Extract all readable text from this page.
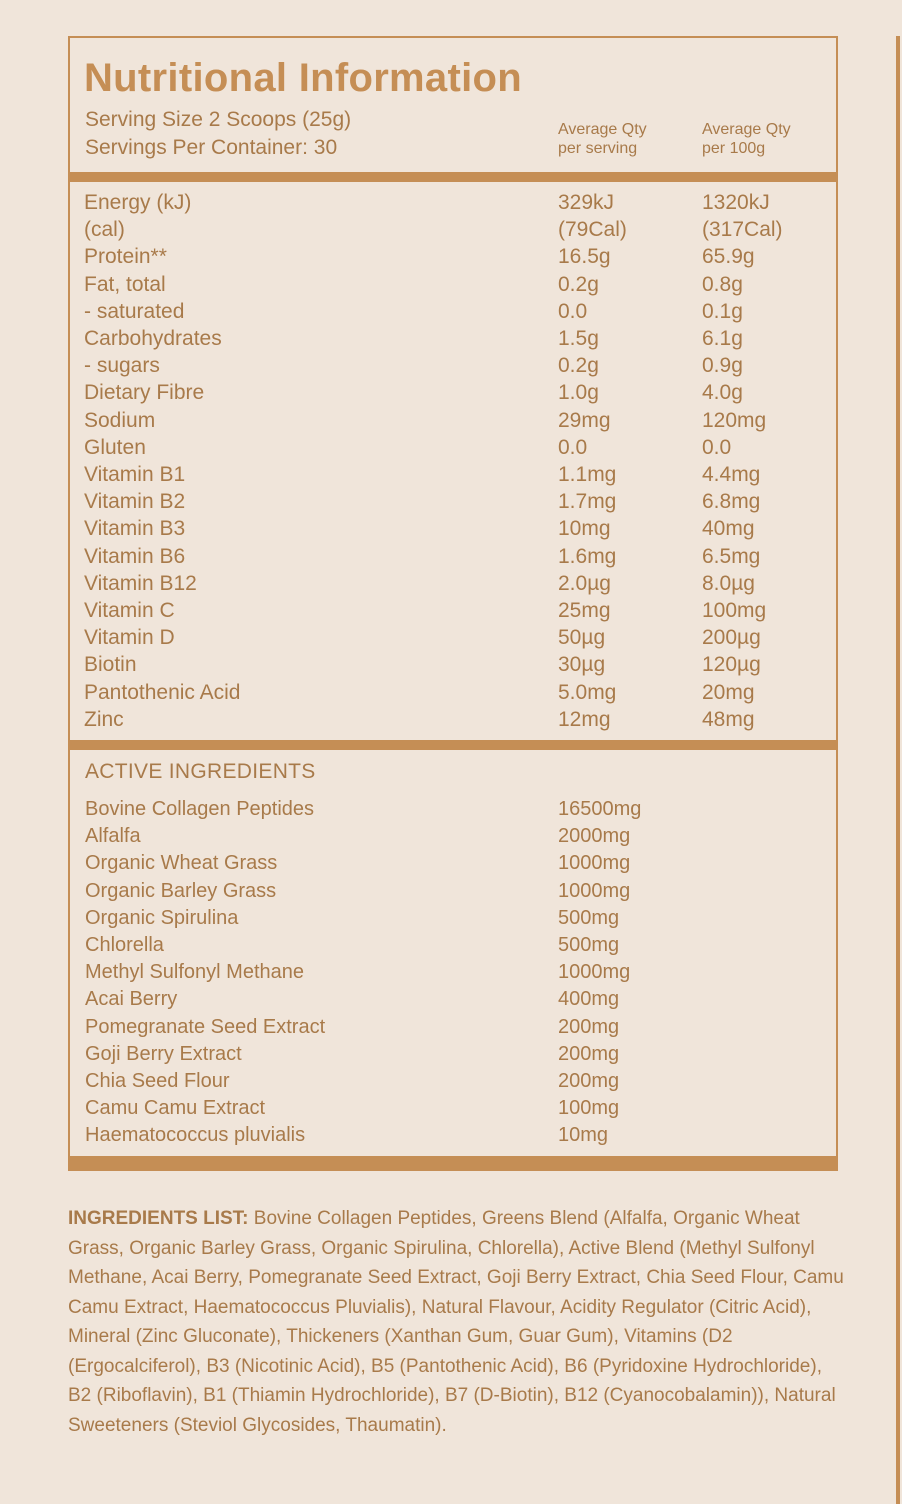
Nutritional Information
Serving Size 2 Scoops (25g)
Servings Per Container: 30
Average Qty
per serving
Average Qty
per 100g
Energy (kJ)	329kJ	1320kJ
(cal)	(79Cal)	(317Cal)
Protein**	16.5g	65.9g
Fat, total	0.2g	0.8g
- saturated	0.0	0.1g
Carbohydrates	1.5g	6.1g
- sugars	0.2g	0.9g
Dietary Fibre	1.0g	4.0g
Sodium	29mg	120mg
Gluten	0.0	0.0
Vitamin B1	1.1mg	4.4mg
Vitamin B2	1.7mg	6.8mg
Vitamin B3	10mg	40mg
Vitamin B6	1.6mg	6.5mg
Vitamin B12	2.0µg	8.0µg
Vitamin C	25mg	100mg
Vitamin D	50µg	200µg
Biotin	30µg	120µg
Pantothenic Acid	5.0mg	20mg
Zinc	12mg	48mg
ACTIVE INGREDIENTS
Bovine Collagen Peptides	16500mg
Alfalfa	2000mg
Organic Wheat Grass	1000mg
Organic Barley Grass	1000mg
Organic Spirulina	500mg
Chlorella	500mg
Methyl Sulfonyl Methane	1000mg
Acai Berry	400mg
Pomegranate Seed Extract	200mg
Goji Berry Extract	200mg
Chia Seed Flour	200mg
Camu Camu Extract	100mg
Haematococcus pluvialis	10mg
INGREDIENTS LIST: Bovine Collagen Peptides, Greens Blend (Alfalfa, Organic Wheat Grass, Organic Barley Grass, Organic Spirulina, Chlorella), Active Blend (Methyl Sulfonyl Methane, Acai Berry, Pomegranate Seed Extract, Goji Berry Extract, Chia Seed Flour, Camu Camu Extract, Haematococcus Pluvialis), Natural Flavour, Acidity Regulator (Citric Acid), Mineral (Zinc Gluconate), Thickeners (Xanthan Gum, Guar Gum), Vitamins (D2 (Ergocalciferol), B3 (Nicotinic Acid), B5 (Pantothenic Acid), B6 (Pyridoxine Hydrochloride), B2 (Riboflavin), B1 (Thiamin Hydrochloride), B7 (D-Biotin), B12 (Cyanocobalamin)), Natural Sweeteners (Steviol Glycosides, Thaumatin).
